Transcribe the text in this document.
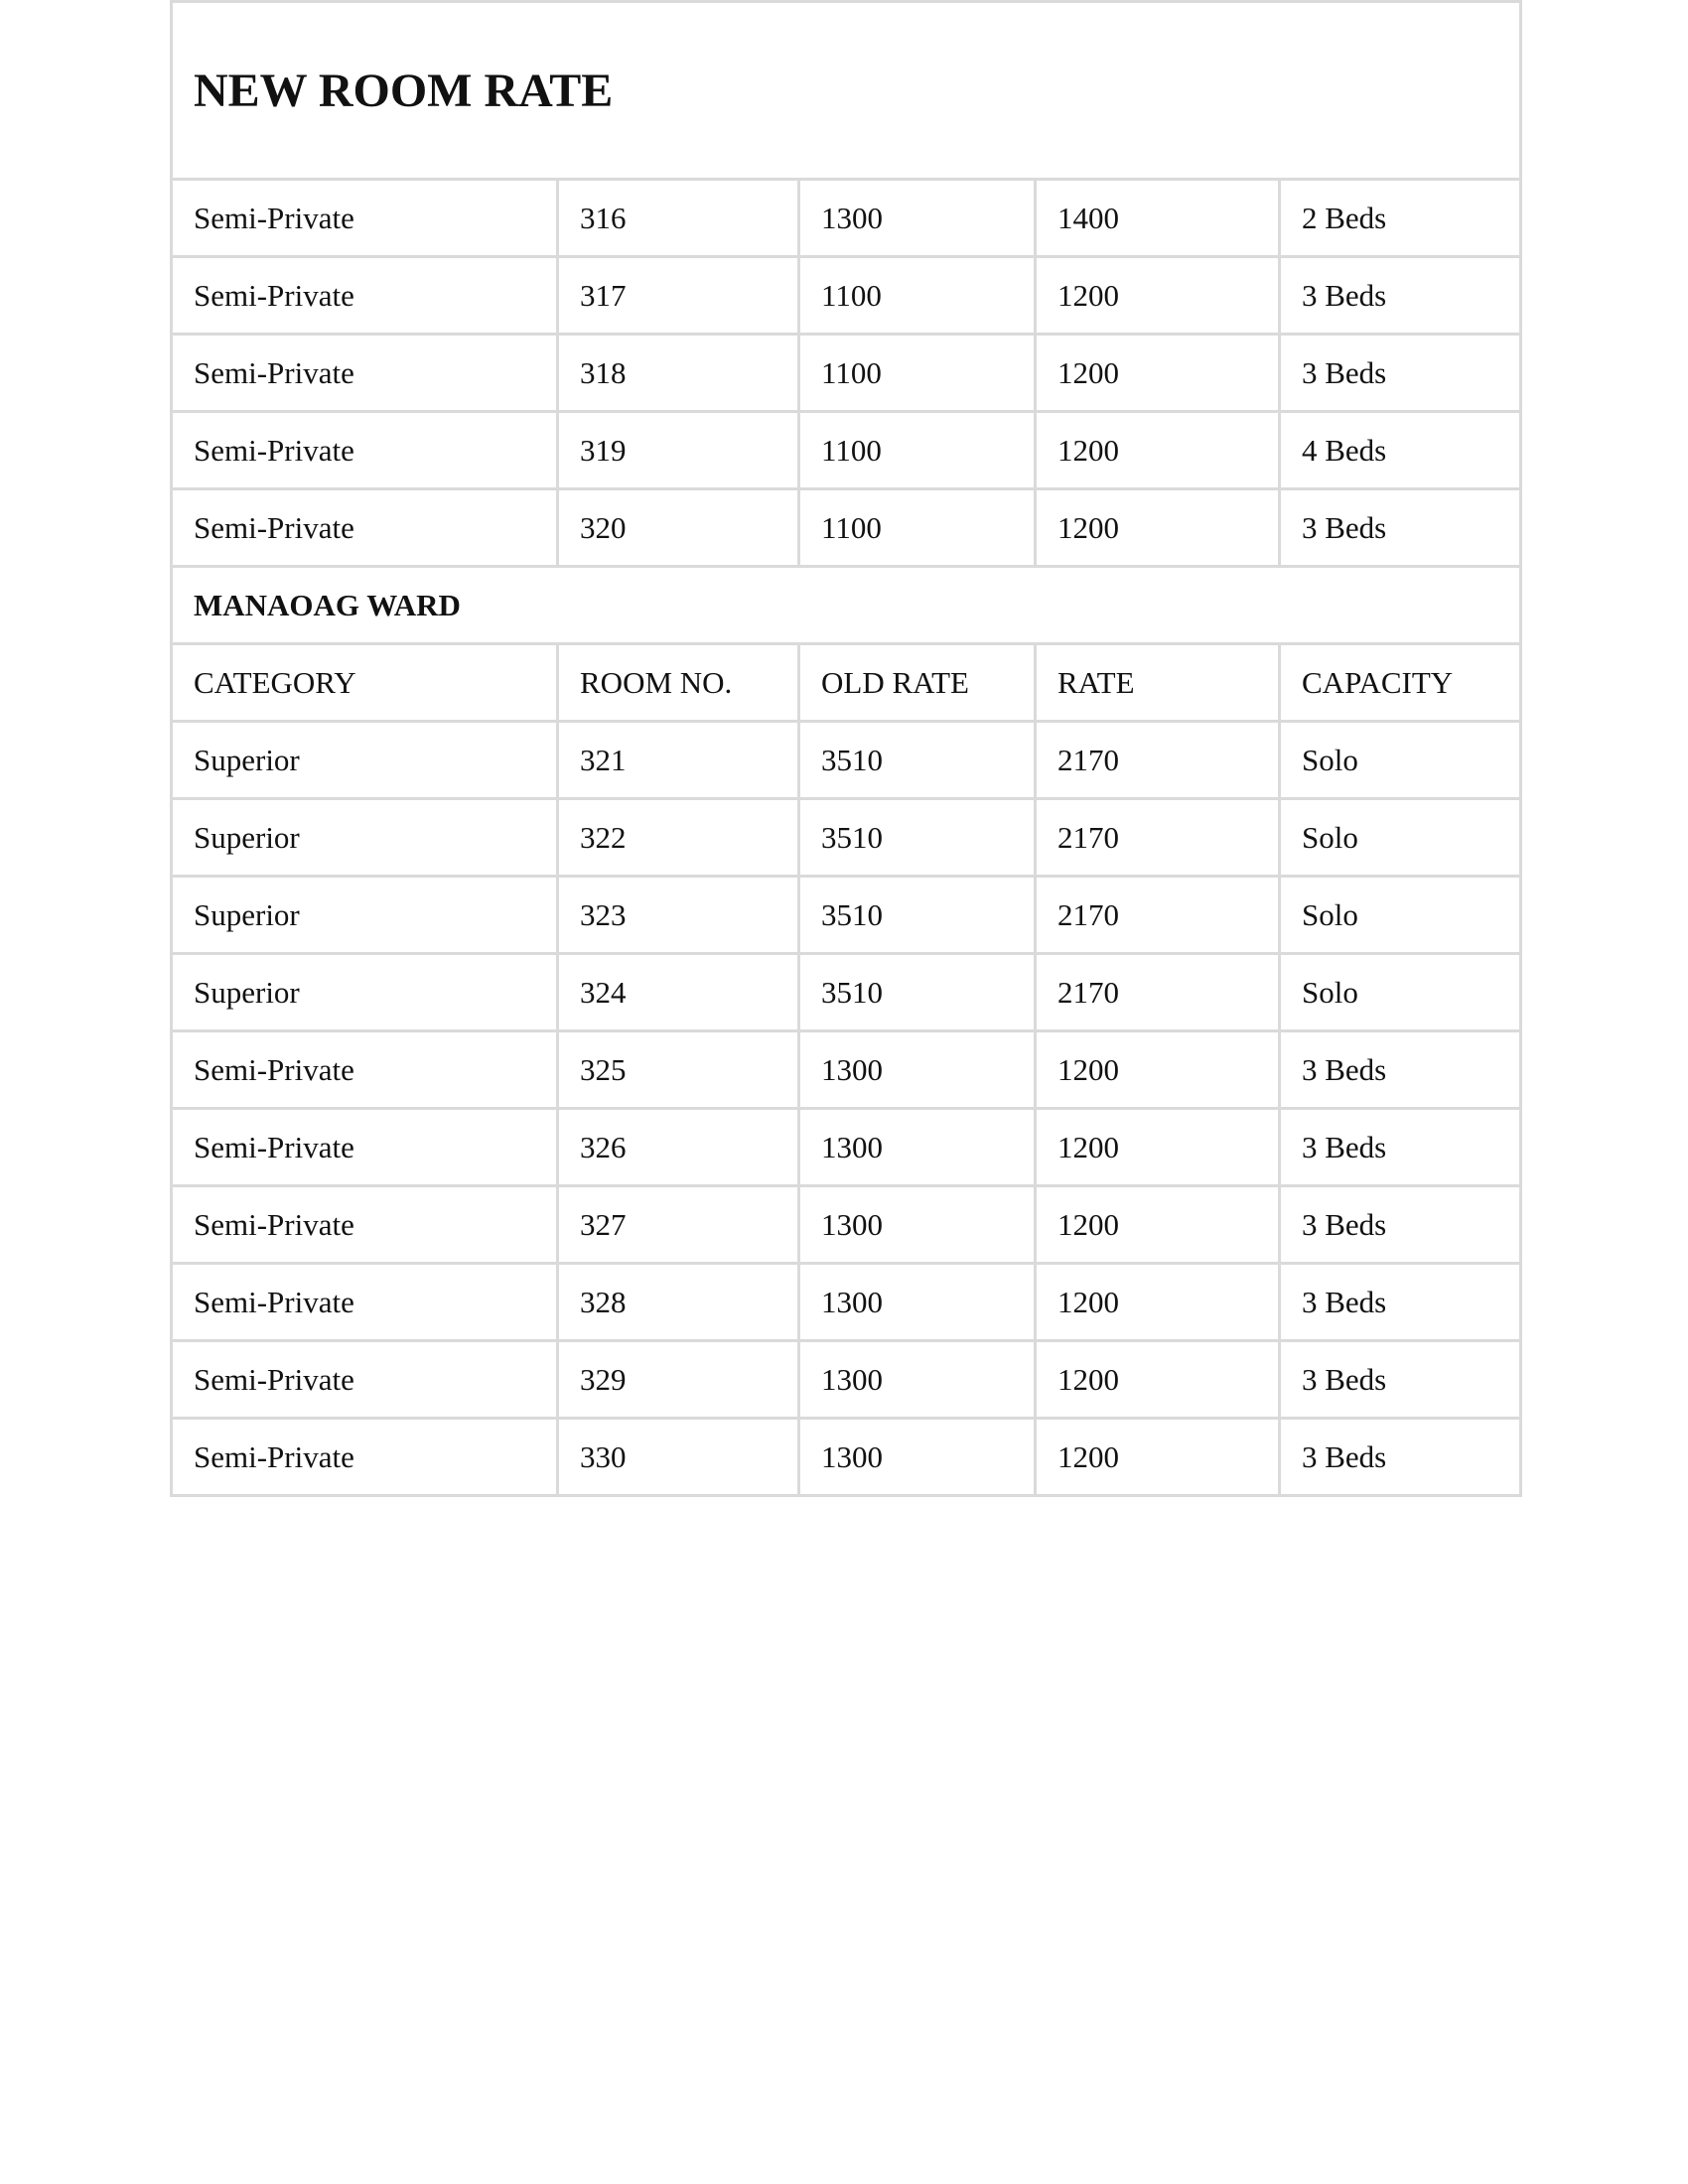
NEW ROOM RATE				
Semi-Private	316	1300	1400	2 Beds
Semi-Private	317	1100	1200	3 Beds
Semi-Private	318	1100	1200	3 Beds
Semi-Private	319	1100	1200	4 Beds
Semi-Private	320	1100	1200	3 Beds
MANAOAG WARD				
CATEGORY	ROOM NO.	OLD RATE	RATE	CAPACITY
Superior	321	3510	2170	Solo
Superior	322	3510	2170	Solo
Superior	323	3510	2170	Solo
Superior	324	3510	2170	Solo
Semi-Private	325	1300	1200	3 Beds
Semi-Private	326	1300	1200	3 Beds
Semi-Private	327	1300	1200	3 Beds
Semi-Private	328	1300	1200	3 Beds
Semi-Private	329	1300	1200	3 Beds
Semi-Private	330	1300	1200	3 Beds
